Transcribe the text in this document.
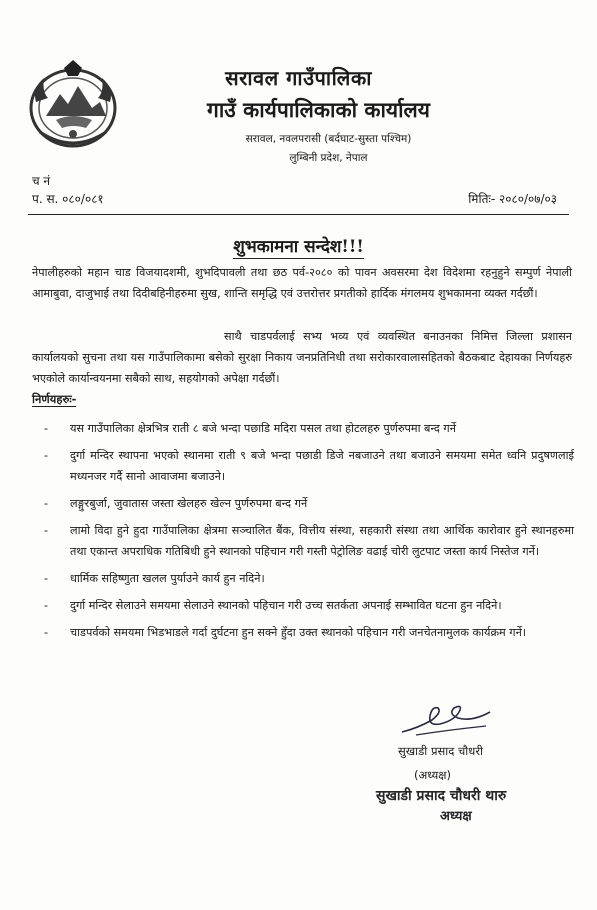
सरावल गाउँपालिका
गाउँ कार्यपालिकाको कार्यालय
सरावल, नवलपरासी (बर्दघाट-सुस्ता पश्चिम)
लुम्बिनी प्रदेश, नेपाल
च नं
प. स. ०८०/०८१	मितिः- २०८०/०७/०३
शुभकामना सन्देश!!!

नेपालीहरुको महान चाड विजयादशमी, शुभदिपावली तथा छठ पर्व-२०८० को पावन अवसरमा देश विदेशमा रहनुहुने सम्पुर्ण नेपाली आमाबुवा, दाजुभाई तथा दिदीबहिनीहरुमा सुख, शान्ति समृद्धि एवं उत्तरोत्तर प्रगतीको हार्दिक मंगलमय शुभकामना व्यक्त गर्दछौं।

साथै चाडपर्वलाई सभ्य भव्य एवं व्यवस्थित बनाउनका निमित्त जिल्ला प्रशासन कार्यालयको सुचना तथा यस गाउँपालिकामा बसेको सुरक्षा निकाय जनप्रतिनिधी तथा सरोकारवालासहितको बैठकबाट देहायका निर्णयहरु भएकोले कार्यान्वयनमा सबैको साथ, सहयोगको अपेक्षा गर्दछौं।

निर्णयहरुः-
- यस गाउँपालिका क्षेत्रभित्र राती ८ बजे भन्दा पछाडि मदिरा पसल तथा होटलहरु पुर्णरुपमा बन्द गर्ने
- दुर्गा मन्दिर स्थापना भएको स्थानमा राती ९ बजे भन्दा पछाडी डिजे नबजाउने तथा बजाउने समयमा समेत ध्वनि प्रदुषणलाई मध्यनजर गर्दै सानो आवाजमा बजाउने।
- लङ्गुरबुर्जा, जुवातास जस्ता खेलहरु खेल्न पुर्णरुपमा बन्द गर्ने
- लामो विदा हुने हुदा गाउँपालिका क्षेत्रमा सञ्चालित बैंक, वित्तीय संस्था, सहकारी संस्था तथा आर्थिक कारोवार हुने स्थानहरुमा तथा एकान्त अपराधिक गतिबिधी हुने स्थानको पहिचान गरी गस्ती पेट्रोलिङ वढाई चोरी लुटपाट जस्ता कार्य निस्तेज गर्ने।
- धार्मिक सहिष्णुता खलल पुर्याउने कार्य हुन नदिने।
- दुर्गा मन्दिर सेलाउने समयमा सेलाउने स्थानको पहिचान गरी उच्च सतर्कता अपनाई सम्भावित घटना हुन नदिने।
- चाडपर्वको समयमा भिडभाडले गर्दा दुर्घटना हुन सक्ने हुँदा उक्त स्थानको पहिचान गरी जनचेतनामुलक कार्यक्रम गर्ने।
सुखाडी प्रसाद चौधरी
(अध्यक्ष)
सुखाडी प्रसाद चौधरी थारु
अध्यक्ष
